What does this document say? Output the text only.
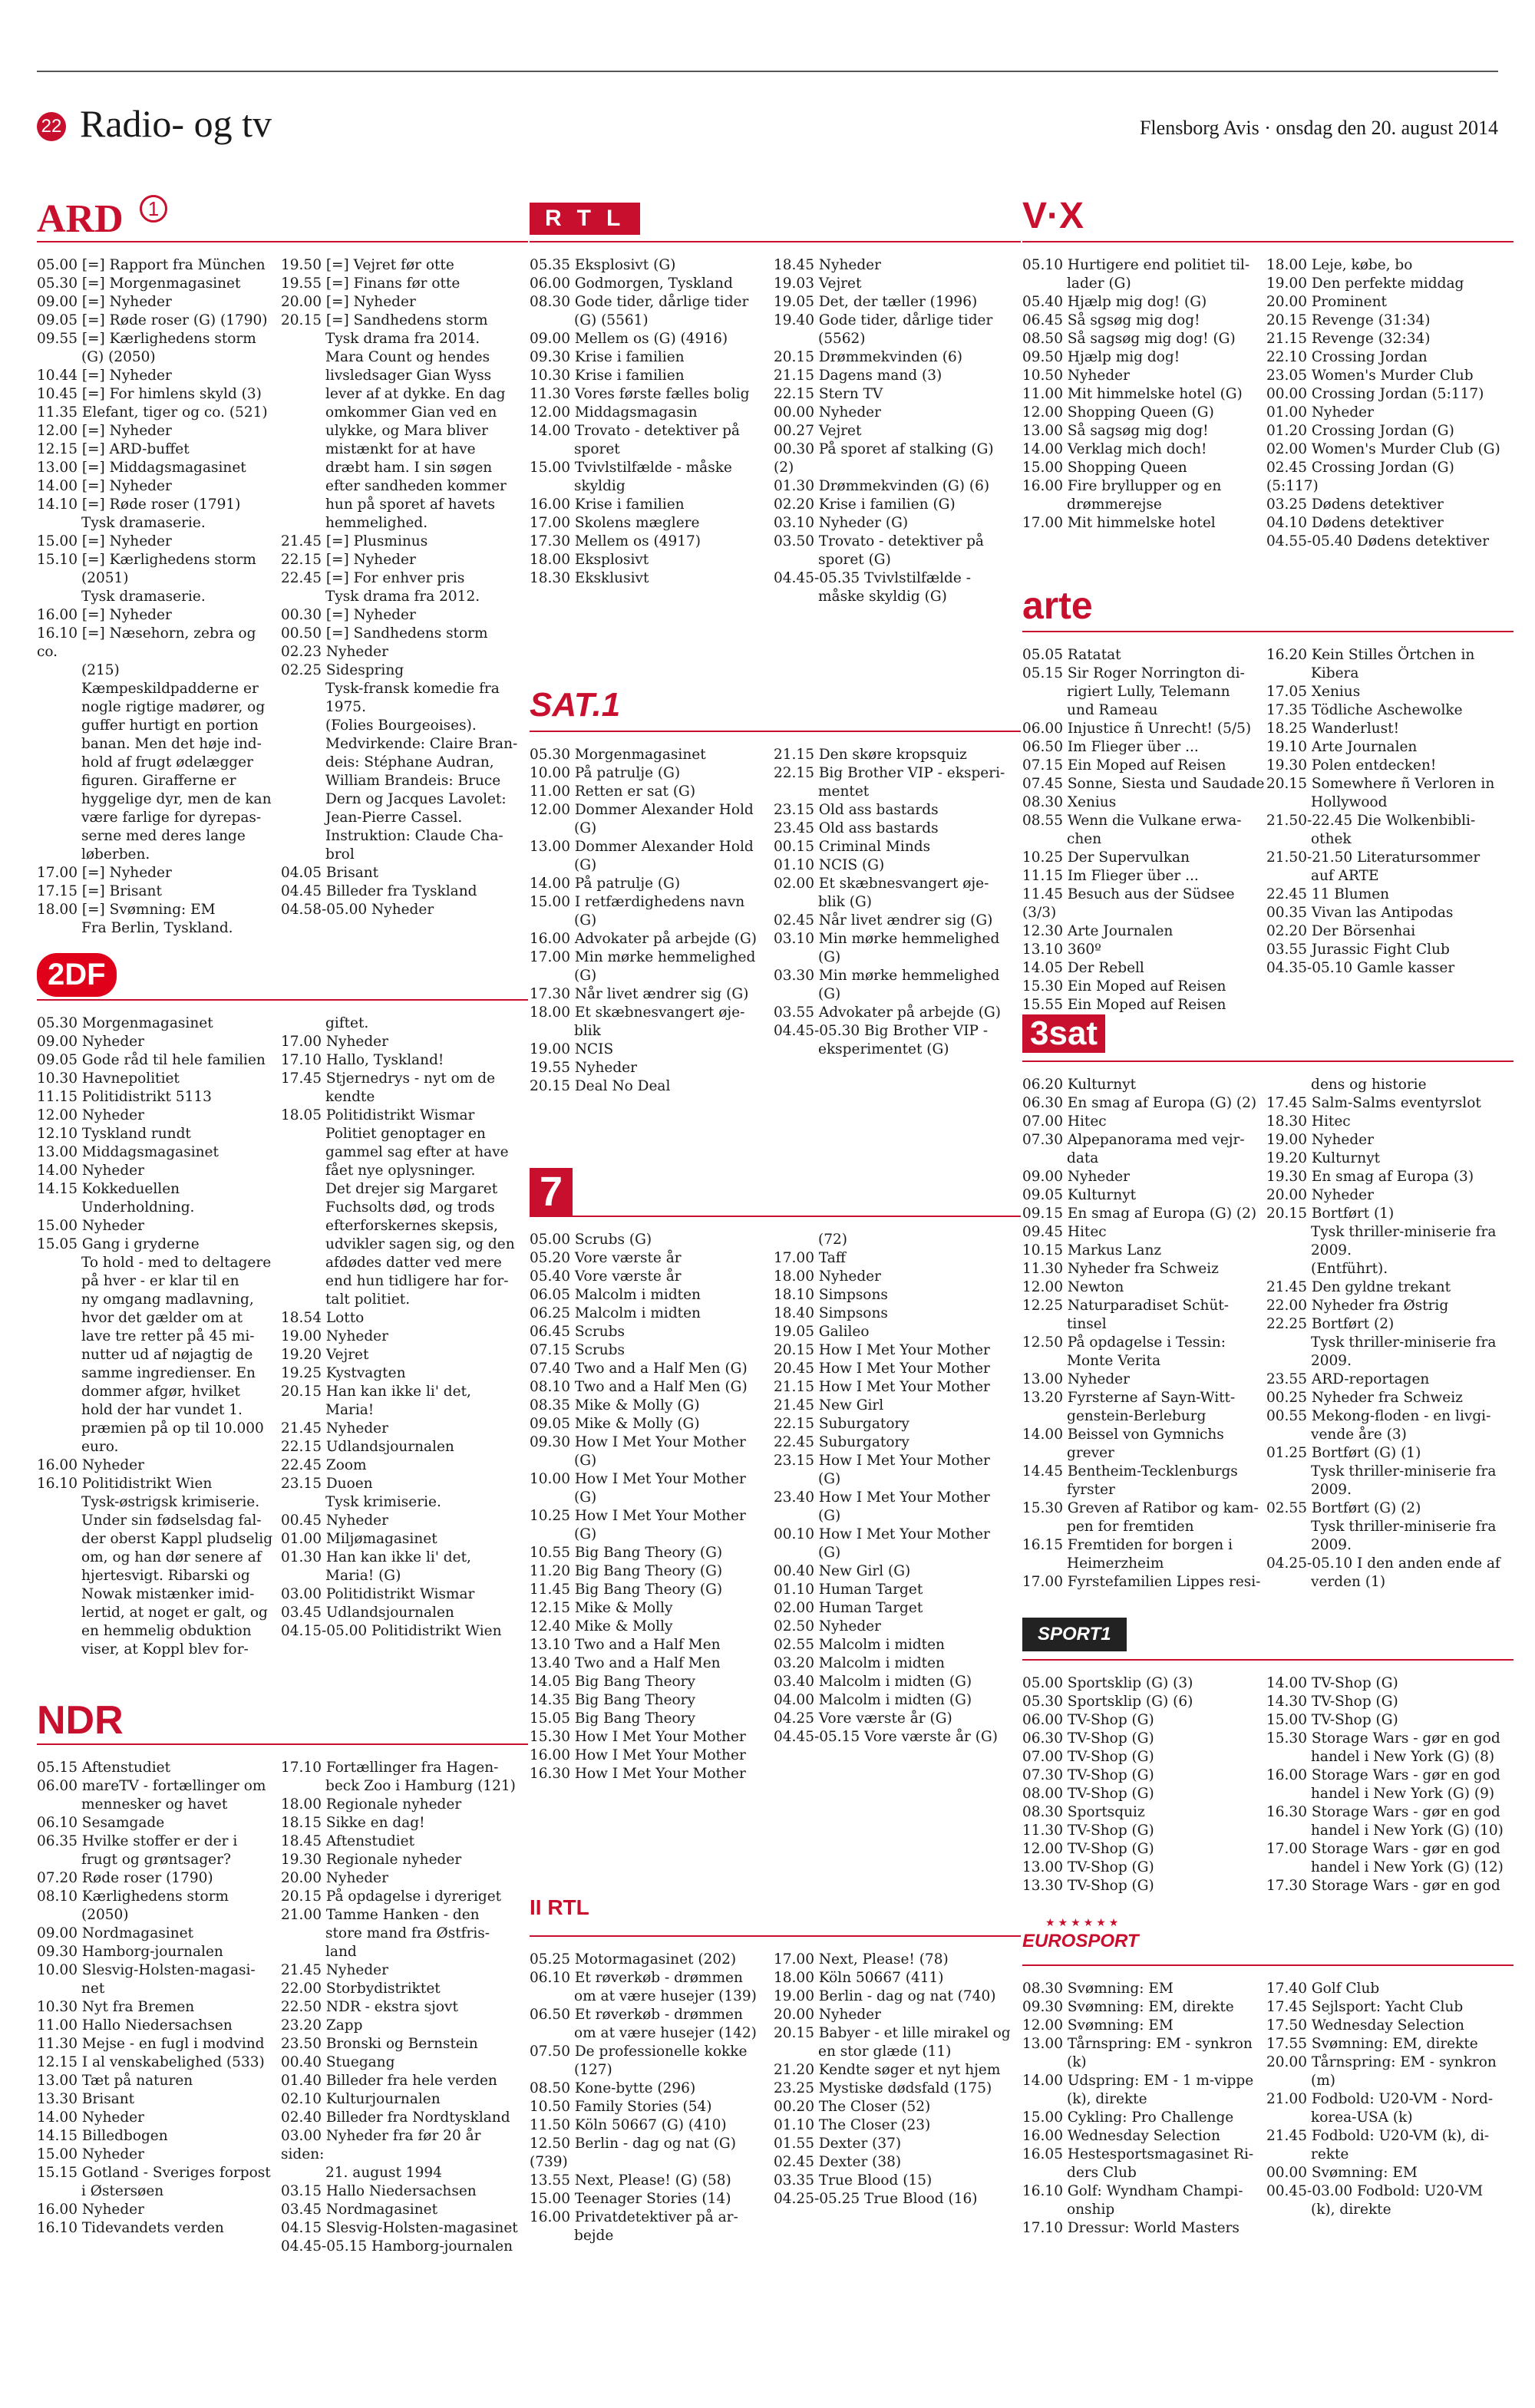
22 Radio- og tv	Flensborg Avis · onsdag den 20. august 2014
ARD	1
05.00 [=] Rapport fra München
05.30 [=] Morgenmagasinet
09.00 [=] Nyheder
09.05 [=] Røde roser (G) (1790)
09.55 [=] Kærlighedens storm
(G) (2050)
10.44 [=] Nyheder
10.45 [=] For himlens skyld (3)
11.35 Elefant, tiger og co. (521)
12.00 [=] Nyheder
12.15 [=] ARD-buffet
13.00 [=] Middagsmagasinet
14.00 [=] Nyheder
14.10 [=] Røde roser (1791)
Tysk dramaserie.
15.00 [=] Nyheder
15.10 [=] Kærlighedens storm
(2051)
Tysk dramaserie.
16.00 [=] Nyheder
16.10 [=] Næsehorn, zebra og co.
(215)
Kæmpeskildpadderne er
nogle rigtige madører, og
guffer hurtigt en portion
banan. Men det høje ind-
hold af frugt ødelægger
figuren. Girafferne er
hyggelige dyr, men de kan
være farlige for dyrepas-
serne med deres lange
løberben.
17.00 [=] Nyheder
17.15 [=] Brisant
18.00 [=] Svømning: EM
Fra Berlin, Tyskland.
19.50 [=] Vejret før otte
19.55 [=] Finans før otte
20.00 [=] Nyheder
20.15 [=] Sandhedens storm
Tysk drama fra 2014.
Mara Count og hendes
livsledsager Gian Wyss
lever af at dykke. En dag
omkommer Gian ved en
ulykke, og Mara bliver
mistænkt for at have
dræbt ham. I sin søgen
efter sandheden kommer
hun på sporet af havets
hemmelighed.
21.45 [=] Plusminus
22.15 [=] Nyheder
22.45 [=] For enhver pris
Tysk drama fra 2012.
00.30 [=] Nyheder
00.50 [=] Sandhedens storm
02.23 Nyheder
02.25 Sidespring
Tysk-fransk komedie fra
1975.
(Folies Bourgeoises).
Medvirkende: Claire Bran-
deis: Stéphane Audran,
William Brandeis: Bruce
Dern og Jacques Lavolet:
Jean-Pierre Cassel.
Instruktion: Claude Cha-
brol
04.05 Brisant
04.45 Billeder fra Tyskland
04.58-05.00 Nyheder
2DF
05.30 Morgenmagasinet
09.00 Nyheder
09.05 Gode råd til hele familien
10.30 Havnepolitiet
11.15 Politidistrikt 5113
12.00 Nyheder
12.10 Tyskland rundt
13.00 Middagsmagasinet
14.00 Nyheder
14.15 Kokkeduellen
Underholdning.
15.00 Nyheder
15.05 Gang i gryderne
To hold - med to deltagere
på hver - er klar til en
ny omgang madlavning,
hvor det gælder om at
lave tre retter på 45 mi-
nutter ud af nøjagtig de
samme ingredienser. En
dommer afgør, hvilket
hold der har vundet 1.
præmien på op til 10.000
euro.
16.00 Nyheder
16.10 Politidistrikt Wien
Tysk-østrigsk krimiserie.
Under sin fødselsdag fal-
der oberst Kappl pludselig
om, og han dør senere af
hjertesvigt. Ribarski og
Nowak mistænker imid-
lertid, at noget er galt, og
en hemmelig obduktion
viser, at Koppl blev for-
giftet.
17.00 Nyheder
17.10 Hallo, Tyskland!
17.45 Stjernedrys - nyt om de
kendte
18.05 Politidistrikt Wismar
Politiet genoptager en
gammel sag efter at have
fået nye oplysninger.
Det drejer sig Margaret
Fuchsolts død, og trods
efterforskernes skepsis,
udvikler sagen sig, og den
afdødes datter ved mere
end hun tidligere har for-
talt politiet.
18.54 Lotto
19.00 Nyheder
19.20 Vejret
19.25 Kystvagten
20.15 Han kan ikke li' det,
Maria!
21.45 Nyheder
22.15 Udlandsjournalen
22.45 Zoom
23.15 Duoen
Tysk krimiserie.
00.45 Nyheder
01.00 Miljømagasinet
01.30 Han kan ikke li' det,
Maria! (G)
03.00 Politidistrikt Wismar
03.45 Udlandsjournalen
04.15-05.00 Politidistrikt Wien
NDR
05.15 Aftenstudiet
06.00 mareTV - fortællinger om
mennesker og havet
06.10 Sesamgade
06.35 Hvilke stoffer er der i
frugt og grøntsager?
07.20 Røde roser (1790)
08.10 Kærlighedens storm
(2050)
09.00 Nordmagasinet
09.30 Hamborg-journalen
10.00 Slesvig-Holsten-magasi-
net
10.30 Nyt fra Bremen
11.00 Hallo Niedersachsen
11.30 Mejse - en fugl i modvind
12.15 I al venskabelighed (533)
13.00 Tæt på naturen
13.30 Brisant
14.00 Nyheder
14.15 Billedbogen
15.00 Nyheder
15.15 Gotland - Sveriges forpost
i Østersøen
16.00 Nyheder
16.10 Tidevandets verden
17.10 Fortællinger fra Hagen-
beck Zoo i Hamburg (121)
18.00 Regionale nyheder
18.15 Sikke en dag!
18.45 Aftenstudiet
19.30 Regionale nyheder
20.00 Nyheder
20.15 På opdagelse i dyreriget
21.00 Tamme Hanken - den
store mand fra Østfris-
land
21.45 Nyheder
22.00 Storbydistriktet
22.50 NDR - ekstra sjovt
23.20 Zapp
23.50 Bronski og Bernstein
00.40 Stuegang
01.40 Billeder fra hele verden
02.10 Kulturjournalen
02.40 Billeder fra Nordtyskland
03.00 Nyheder fra før 20 år siden:
21. august 1994
03.15 Hallo Niedersachsen
03.45 Nordmagasinet
04.15 Slesvig-Holsten-magasinet
04.45-05.15 Hamborg-journalen
RTL
05.35 Eksplosivt (G)
06.00 Godmorgen, Tyskland
08.30 Gode tider, dårlige tider
(G) (5561)
09.00 Mellem os (G) (4916)
09.30 Krise i familien
10.30 Krise i familien
11.30 Vores første fælles bolig
12.00 Middagsmagasin
14.00 Trovato - detektiver på
sporet
15.00 Tvivlstilfælde - måske
skyldig
16.00 Krise i familien
17.00 Skolens mæglere
17.30 Mellem os (4917)
18.00 Eksplosivt
18.30 Eksklusivt
18.45 Nyheder
19.03 Vejret
19.05 Det, der tæller (1996)
19.40 Gode tider, dårlige tider
(5562)
20.15 Drømmekvinden (6)
21.15 Dagens mand (3)
22.15 Stern TV
00.00 Nyheder
00.27 Vejret
00.30 På sporet af stalking (G) (2)
01.30 Drømmekvinden (G) (6)
02.20 Krise i familien (G)
03.10 Nyheder (G)
03.50 Trovato - detektiver på
sporet (G)
04.45-05.35 Tvivlstilfælde -
måske skyldig (G)
SAT.1
05.30 Morgenmagasinet
10.00 På patrulje (G)
11.00 Retten er sat (G)
12.00 Dommer Alexander Hold
(G)
13.00 Dommer Alexander Hold
(G)
14.00 På patrulje (G)
15.00 I retfærdighedens navn
(G)
16.00 Advokater på arbejde (G)
17.00 Min mørke hemmelighed
(G)
17.30 Når livet ændrer sig (G)
18.00 Et skæbnesvangert øje-
blik
19.00 NCIS
19.55 Nyheder
20.15 Deal No Deal
21.15 Den skøre kropsquiz
22.15 Big Brother VIP - eksperi-
mentet
23.15 Old ass bastards
23.45 Old ass bastards
00.15 Criminal Minds
01.10 NCIS (G)
02.00 Et skæbnesvangert øje-
blik (G)
02.45 Når livet ændrer sig (G)
03.10 Min mørke hemmelighed
(G)
03.30 Min mørke hemmelighed
(G)
03.55 Advokater på arbejde (G)
04.45-05.30 Big Brother VIP -
eksperimentet (G)
7
05.00 Scrubs (G)
05.20 Vore værste år
05.40 Vore værste år
06.05 Malcolm i midten
06.25 Malcolm i midten
06.45 Scrubs
07.15 Scrubs
07.40 Two and a Half Men (G)
08.10 Two and a Half Men (G)
08.35 Mike & Molly (G)
09.05 Mike & Molly (G)
09.30 How I Met Your Mother
(G)
10.00 How I Met Your Mother
(G)
10.25 How I Met Your Mother
(G)
10.55 Big Bang Theory (G)
11.20 Big Bang Theory (G)
11.45 Big Bang Theory (G)
12.15 Mike & Molly
12.40 Mike & Molly
13.10 Two and a Half Men
13.40 Two and a Half Men
14.05 Big Bang Theory
14.35 Big Bang Theory
15.05 Big Bang Theory
15.30 How I Met Your Mother
16.00 How I Met Your Mother
16.30 How I Met Your Mother
(72)
17.00 Taff
18.00 Nyheder
18.10 Simpsons
18.40 Simpsons
19.05 Galileo
20.15 How I Met Your Mother
20.45 How I Met Your Mother
21.15 How I Met Your Mother
21.45 New Girl
22.15 Suburgatory
22.45 Suburgatory
23.15 How I Met Your Mother
(G)
23.40 How I Met Your Mother
(G)
00.10 How I Met Your Mother
(G)
00.40 New Girl (G)
01.10 Human Target
02.00 Human Target
02.50 Nyheder
02.55 Malcolm i midten
03.20 Malcolm i midten
03.40 Malcolm i midten (G)
04.00 Malcolm i midten (G)
04.25 Vore værste år (G)
04.45-05.15 Vore værste år (G)
II RTL
05.25 Motormagasinet (202)
06.10 Et røverkøb - drømmen
om at være husejer (139)
06.50 Et røverkøb - drømmen
om at være husejer (142)
07.50 De professionelle kokke
(127)
08.50 Kone-bytte (296)
10.50 Family Stories (54)
11.50 Köln 50667 (G) (410)
12.50 Berlin - dag og nat (G) (739)
13.55 Next, Please! (G) (58)
15.00 Teenager Stories (14)
16.00 Privatdetektiver på ar-
bejde
17.00 Next, Please! (78)
18.00 Köln 50667 (411)
19.00 Berlin - dag og nat (740)
20.00 Nyheder
20.15 Babyer - et lille mirakel og
en stor glæde (11)
21.20 Kendte søger et nyt hjem
23.25 Mystiske dødsfald (175)
00.20 The Closer (52)
01.10 The Closer (23)
01.55 Dexter (37)
02.45 Dexter (38)
03.35 True Blood (15)
04.25-05.25 True Blood (16)
V·X
05.10 Hurtigere end politiet til-
lader (G)
05.40 Hjælp mig dog! (G)
06.45 Så sgsøg mig dog!
08.50 Så sagsøg mig dog! (G)
09.50 Hjælp mig dog!
10.50 Nyheder
11.00 Mit himmelske hotel (G)
12.00 Shopping Queen (G)
13.00 Så sagsøg mig dog!
14.00 Verklag mich doch!
15.00 Shopping Queen
16.00 Fire bryllupper og en
drømmerejse
17.00 Mit himmelske hotel
18.00 Leje, købe, bo
19.00 Den perfekte middag
20.00 Prominent
20.15 Revenge (31:34)
21.15 Revenge (32:34)
22.10 Crossing Jordan
23.05 Women's Murder Club
00.00 Crossing Jordan (5:117)
01.00 Nyheder
01.20 Crossing Jordan (G)
02.00 Women's Murder Club (G)
02.45 Crossing Jordan (G) (5:117)
03.25 Dødens detektiver
04.10 Dødens detektiver
04.55-05.40 Dødens detektiver
arte
05.05 Ratatat
05.15 Sir Roger Norrington di-
rigiert Lully, Telemann
und Rameau
06.00 Injustice ñ Unrecht! (5/5)
06.50 Im Flieger über ...
07.15 Ein Moped auf Reisen
07.45 Sonne, Siesta und Saudade
08.30 Xenius
08.55 Wenn die Vulkane erwa-
chen
10.25 Der Supervulkan
11.15 Im Flieger über ...
11.45 Besuch aus der Südsee (3/3)
12.30 Arte Journalen
13.10 360º
14.05 Der Rebell
15.30 Ein Moped auf Reisen
15.55 Ein Moped auf Reisen
16.20 Kein Stilles Örtchen in
Kibera
17.05 Xenius
17.35 Tödliche Aschewolke
18.25 Wanderlust!
19.10 Arte Journalen
19.30 Polen entdecken!
20.15 Somewhere ñ Verloren in
Hollywood
21.50-22.45 Die Wolkenbibli-
othek
21.50-21.50 Literatursommer
auf ARTE
22.45 11 Blumen
00.35 Vivan las Antipodas
02.20 Der Börsenhai
03.55 Jurassic Fight Club
04.35-05.10 Gamle kasser
3sat
06.20 Kulturnyt
06.30 En smag af Europa (G) (2)
07.00 Hitec
07.30 Alpepanorama med vejr-
data
09.00 Nyheder
09.05 Kulturnyt
09.15 En smag af Europa (G) (2)
09.45 Hitec
10.15 Markus Lanz
11.30 Nyheder fra Schweiz
12.00 Newton
12.25 Naturparadiset Schüt-
tinsel
12.50 På opdagelse i Tessin:
Monte Verita
13.00 Nyheder
13.20 Fyrsterne af Sayn-Witt-
genstein-Berleburg
14.00 Beissel von Gymnichs
grever
14.45 Bentheim-Tecklenburgs
fyrster
15.30 Greven af Ratibor og kam-
pen for fremtiden
16.15 Fremtiden for borgen i
Heimerzheim
17.00 Fyrstefamilien Lippes resi-
dens og historie
17.45 Salm-Salms eventyrslot
18.30 Hitec
19.00 Nyheder
19.20 Kulturnyt
19.30 En smag af Europa (3)
20.00 Nyheder
20.15 Bortført (1)
Tysk thriller-miniserie fra
2009.
(Entführt).
21.45 Den gyldne trekant
22.00 Nyheder fra Østrig
22.25 Bortført (2)
Tysk thriller-miniserie fra
2009.
23.55 ARD-reportagen
00.25 Nyheder fra Schweiz
00.55 Mekong-floden - en livgi-
vende åre (3)
01.25 Bortført (G) (1)
Tysk thriller-miniserie fra
2009.
02.55 Bortført (G) (2)
Tysk thriller-miniserie fra
2009.
04.25-05.10 I den anden ende af
verden (1)
SPORT1
05.00 Sportsklip (G) (3)
05.30 Sportsklip (G) (6)
06.00 TV-Shop (G)
06.30 TV-Shop (G)
07.00 TV-Shop (G)
07.30 TV-Shop (G)
08.00 TV-Shop (G)
08.30 Sportsquiz
11.30 TV-Shop (G)
12.00 TV-Shop (G)
13.00 TV-Shop (G)
13.30 TV-Shop (G)
14.00 TV-Shop (G)
14.30 TV-Shop (G)
15.00 TV-Shop (G)
15.30 Storage Wars - gør en god
handel i New York (G) (8)
16.00 Storage Wars - gør en god
handel i New York (G) (9)
16.30 Storage Wars - gør en god
handel i New York (G) (10)
17.00 Storage Wars - gør en god
handel i New York (G) (12)
17.30 Storage Wars - gør en god
EUROSPORT
★★★★★★
08.30 Svømning: EM
09.30 Svømning: EM, direkte
12.00 Svømning: EM
13.00 Tårnspring: EM - synkron
(k)
14.00 Udspring: EM - 1 m-vippe
(k), direkte
15.00 Cykling: Pro Challenge
16.00 Wednesday Selection
16.05 Hestesportsmagasinet Ri-
ders Club
16.10 Golf: Wyndham Champi-
onship
17.10 Dressur: World Masters
17.40 Golf Club
17.45 Sejlsport: Yacht Club
17.50 Wednesday Selection
17.55 Svømning: EM, direkte
20.00 Tårnspring: EM - synkron
(m)
21.00 Fodbold: U20-VM - Nord-
korea-USA (k)
21.45 Fodbold: U20-VM (k), di-
rekte
00.00 Svømning: EM
00.45-03.00 Fodbold: U20-VM
(k), direkte
